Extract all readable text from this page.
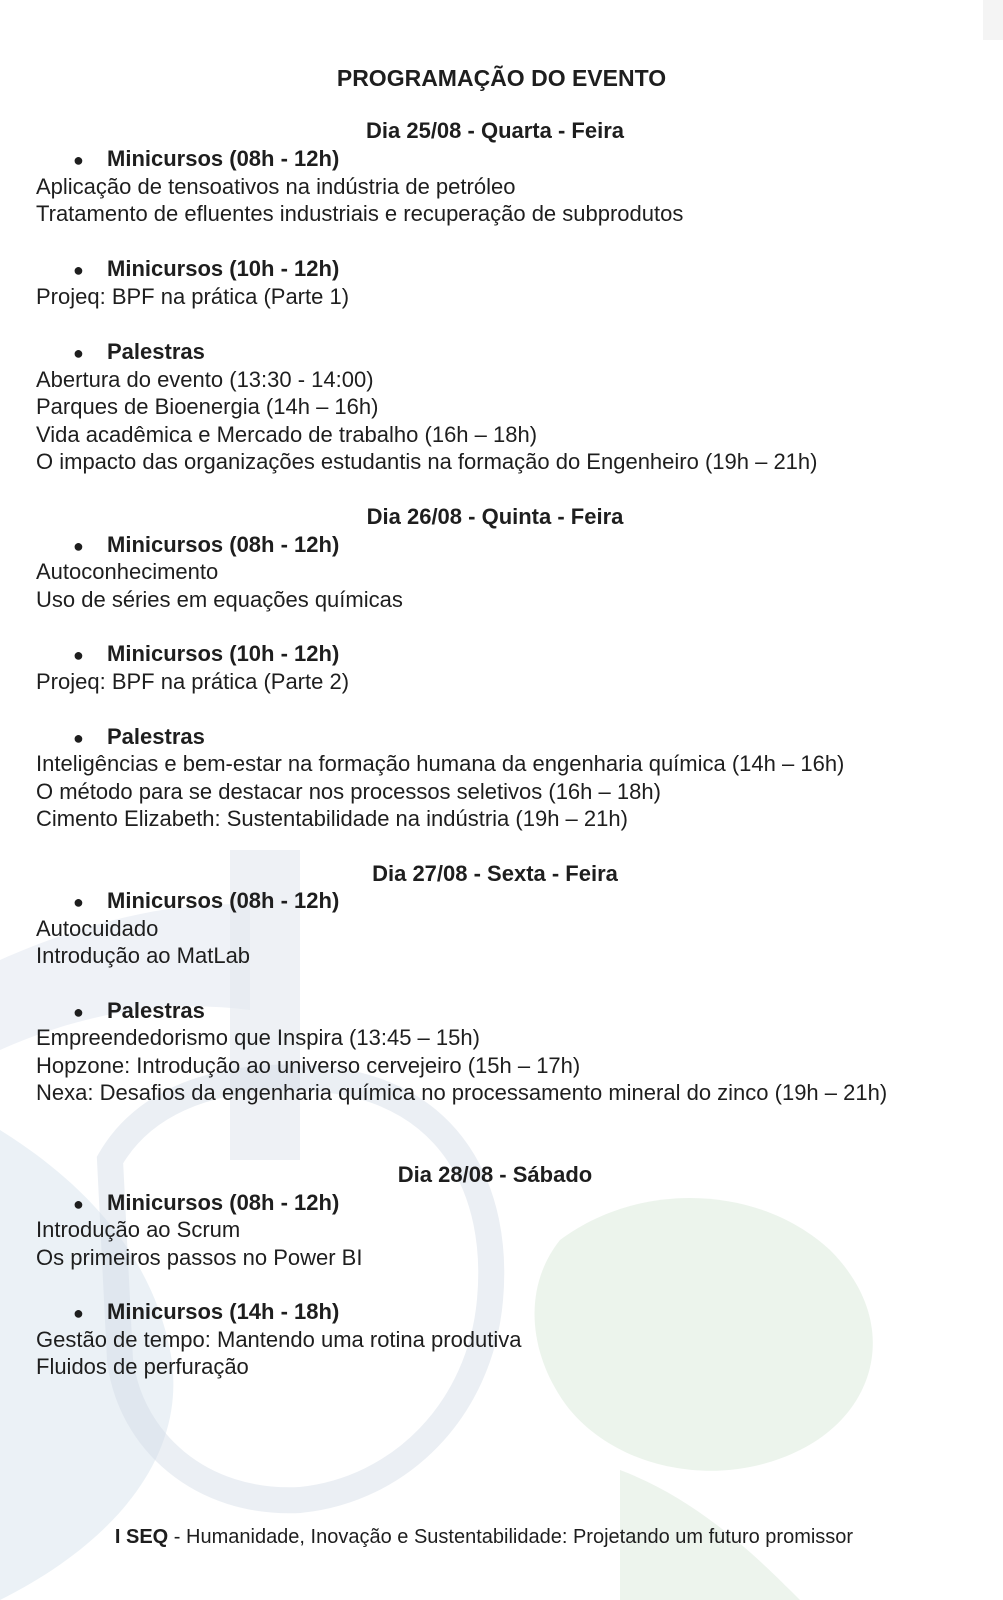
PROGRAMAÇÃO DO EVENTO
Dia 25/08 - Quarta - Feira
● Minicursos (08h - 12h)
Aplicação de tensoativos na indústria de petróleo
Tratamento de efluentes industriais e recuperação de subprodutos
● Minicursos (10h - 12h)
Projeq: BPF na prática (Parte 1)
● Palestras
Abertura do evento (13:30 - 14:00)
Parques de Bioenergia (14h – 16h)
Vida acadêmica e Mercado de trabalho (16h – 18h)
O impacto das organizações estudantis na formação do Engenheiro (19h – 21h)
Dia 26/08 - Quinta - Feira
● Minicursos (08h - 12h)
Autoconhecimento
Uso de séries em equações químicas
● Minicursos (10h - 12h)
Projeq: BPF na prática (Parte 2)
● Palestras
Inteligências e bem-estar na formação humana da engenharia química (14h – 16h)
O método para se destacar nos processos seletivos (16h – 18h)
Cimento Elizabeth: Sustentabilidade na indústria (19h – 21h)
Dia 27/08 - Sexta - Feira
● Minicursos (08h - 12h)
Autocuidado
Introdução ao MatLab
● Palestras
Empreendedorismo que Inspira (13:45 – 15h)
Hopzone: Introdução ao universo cervejeiro (15h – 17h)
Nexa: Desafios da engenharia química no processamento mineral do zinco (19h – 21h)
Dia 28/08 - Sábado
● Minicursos (08h - 12h)
Introdução ao Scrum
Os primeiros passos no Power BI
● Minicursos (14h - 18h)
Gestão de tempo: Mantendo uma rotina produtiva
Fluidos de perfuração
I SEQ - Humanidade, Inovação e Sustentabilidade: Projetando um futuro promissor
